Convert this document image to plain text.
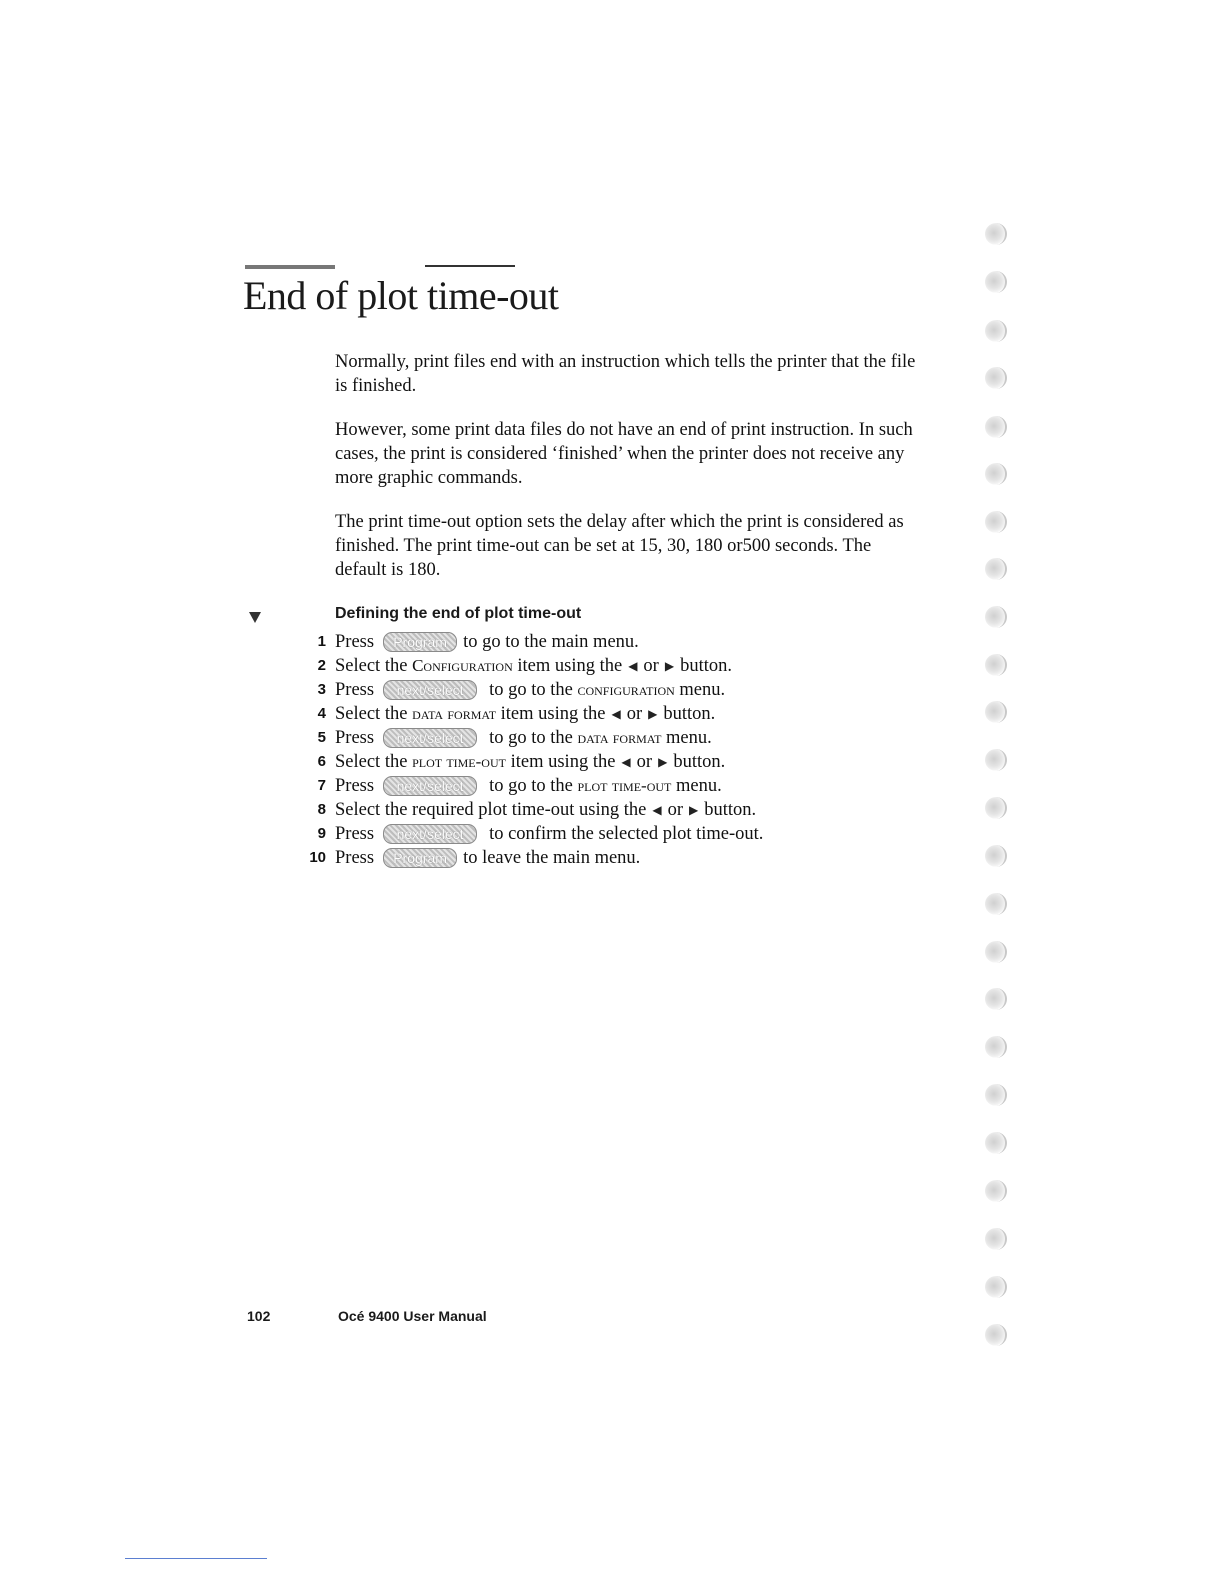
End of plot time-out

Normally, print files end with an instruction which tells the printer that the file is finished.

However, some print data files do not have an end of print instruction. In such cases, the print is considered ‘finished’ when the printer does not receive any more graphic commands.

The print time-out option sets the delay after which the print is considered as finished. The print time-out can be set at 15, 30, 180 or500 seconds. The default is 180.

Defining the end of plot time-out
1 Press	Program to go to the main menu.
2 Select the
Configuration
item using the ◀ or ▶ button.
3 Press	next/select	to go to the
configuration
menu.
4 Select the
data format
item using the ◀ or ▶ button.
5 Press	next/select	to go to the
data format
menu.
6 Select the
plot time-out
item using the ◀ or ▶ button.
7 Press	next/select	to go to the
plot time-out
menu.
8 Select the required plot time-out using the ◀ or ▶ button.
9 Press	next/select	to confirm the selected plot time-out.
10 Press	Program to leave the main menu.
102	Océ 9400 User Manual
